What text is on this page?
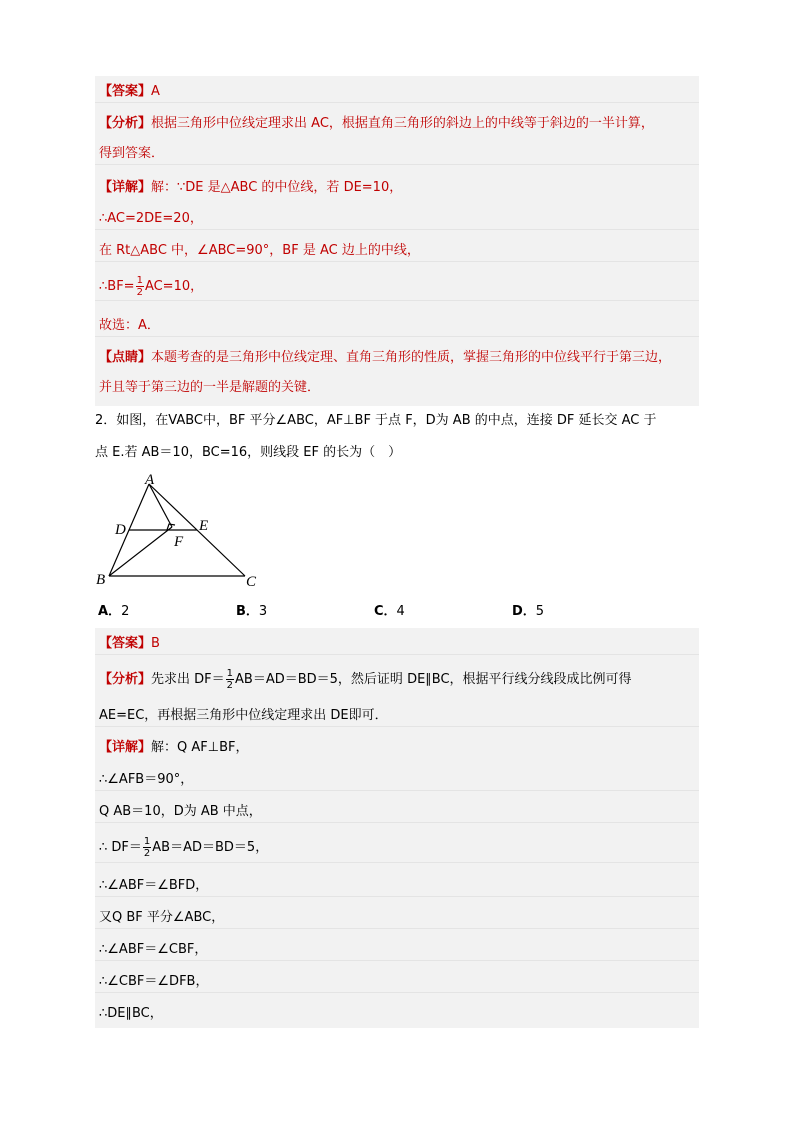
【答案】A
【分析】根据三角形中位线定理求出 AC，根据直角三角形的斜边上的中线等于斜边的一半计算，
得到答案．
【详解】解：∵DE 是△ABC 的中位线，若 DE=10，
∴AC=2DE=20，
在 Rt△ABC 中，∠ABC=90°，BF 是 AC 边上的中线，
∴BF= $\frac{1}{2} AC=10$，
故选：A．
【点睛】本题考查的是三角形中位线定理、直角三角形的性质，掌握三角形的中位线平行于第三边，
并且等于第三边的一半是解题的关键．
2．如图，在VABC中，BF 平分∠ABC，AF⊥BF 于点 F，D为 AB 的中点，连接 DF 延长交 AC 于
点 E.若 AB＝10，BC=16，则线段 EF 的长为（　）
A
B	C
D	E
F
A．2	B．3	C．4	D．5
【答案】B
【分析】先求出 $DF= \frac{1}{2} AB=AD=BD=5$，然后证明 DE∥BC，根据平行线分线段成比例可得
AE=EC，再根据三角形中位线定理求出 DE即可．
【详解】解：Q AF⊥BF，
∴∠AFB＝90°，
Q AB＝10，D为 AB 中点，
∴ $DF= \frac{1}{2} AB=AD=BD=5$，
∴∠ABF＝∠BFD，
又Q BF 平分∠ABC，
∴∠ABF＝∠CBF，
∴∠CBF＝∠DFB，
∴DE∥BC，
